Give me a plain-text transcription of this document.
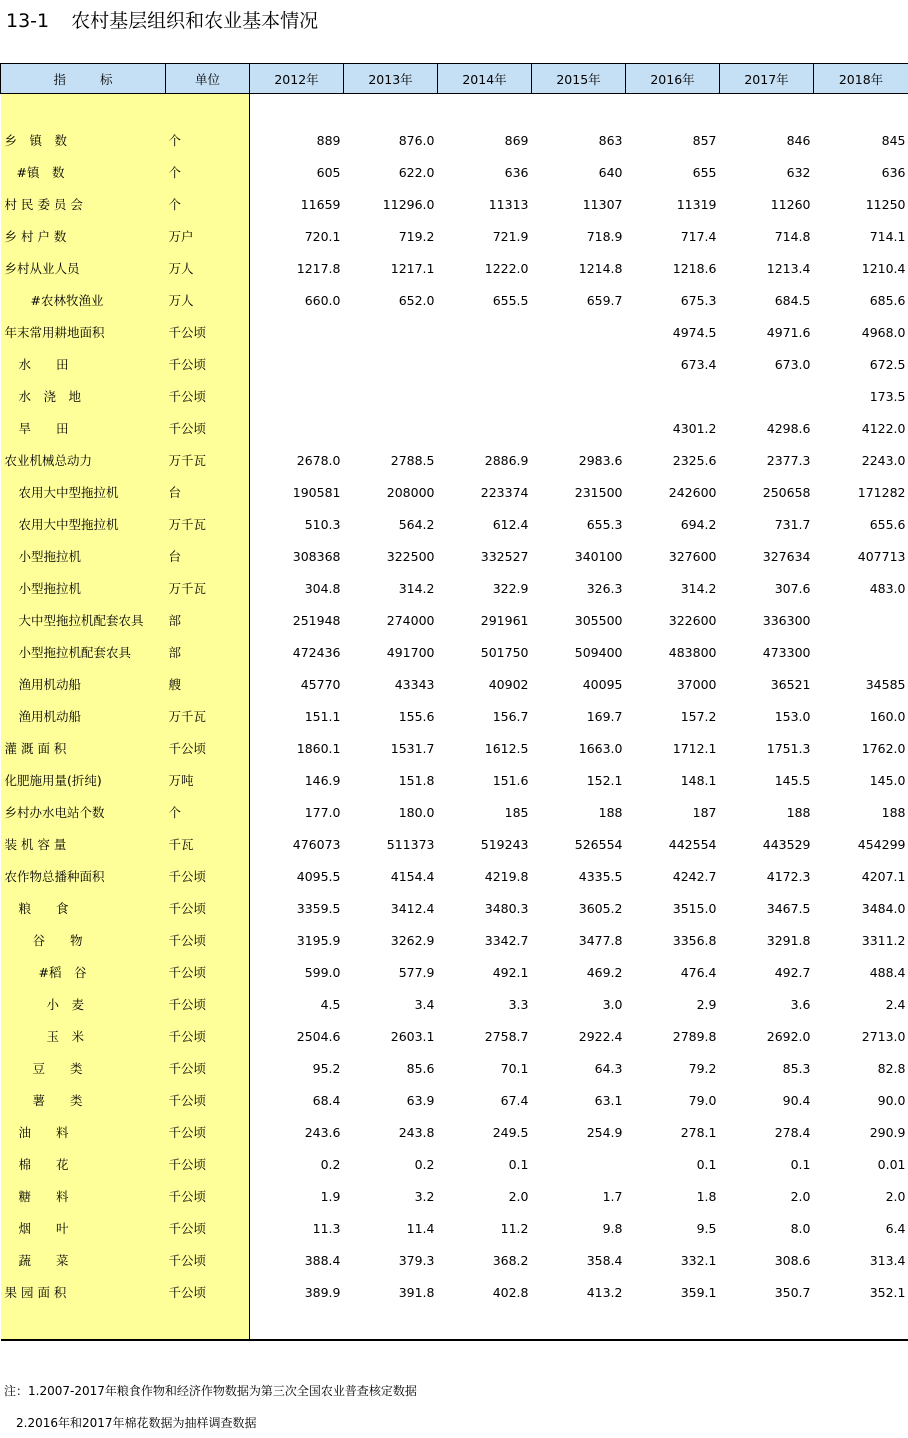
13-1 农村基层组织和农业基本情况
指 标	单位	2012年	2013年	2014年	2015年	2016年	2017年	2018年

乡　镇　数	个	889	876.0	869	863	857	846	845
#镇　数	个	605	622.0	636	640	655	632	636
村 民 委 员 会	个	11659	11296.0	11313	11307	11319	11260	11250
乡 村 户 数	万户	720.1	719.2	721.9	718.9	717.4	714.8	714.1
乡村从业人员	万人	1217.8	1217.1	1222.0	1214.8	1218.6	1213.4	1210.4
#农林牧渔业	万人	660.0	652.0	655.5	659.7	675.3	684.5	685.6
年末常用耕地面积	千公顷					4974.5	4971.6	4968.0
水　　田	千公顷					673.4	673.0	672.5
水　浇　地	千公顷							173.5
旱　　田	千公顷					4301.2	4298.6	4122.0
农业机械总动力	万千瓦	2678.0	2788.5	2886.9	2983.6	2325.6	2377.3	2243.0
农用大中型拖拉机	台	190581	208000	223374	231500	242600	250658	171282
农用大中型拖拉机	万千瓦	510.3	564.2	612.4	655.3	694.2	731.7	655.6
小型拖拉机	台	308368	322500	332527	340100	327600	327634	407713
小型拖拉机	万千瓦	304.8	314.2	322.9	326.3	314.2	307.6	483.0
大中型拖拉机配套农具	部	251948	274000	291961	305500	322600	336300	
小型拖拉机配套农具	部	472436	491700	501750	509400	483800	473300	
渔用机动船	艘	45770	43343	40902	40095	37000	36521	34585
渔用机动船	万千瓦	151.1	155.6	156.7	169.7	157.2	153.0	160.0
灌 溉 面 积	千公顷	1860.1	1531.7	1612.5	1663.0	1712.1	1751.3	1762.0
化肥施用量(折纯)	万吨	146.9	151.8	151.6	152.1	148.1	145.5	145.0
乡村办水电站个数	个	177.0	180.0	185	188	187	188	188
装 机 容 量	千瓦	476073	511373	519243	526554	442554	443529	454299
农作物总播种面积	千公顷	4095.5	4154.4	4219.8	4335.5	4242.7	4172.3	4207.1
粮　　食	千公顷	3359.5	3412.4	3480.3	3605.2	3515.0	3467.5	3484.0
谷　　物	千公顷	3195.9	3262.9	3342.7	3477.8	3356.8	3291.8	3311.2
#稻　谷	千公顷	599.0	577.9	492.1	469.2	476.4	492.7	488.4
小　麦	千公顷	4.5	3.4	3.3	3.0	2.9	3.6	2.4
玉　米	千公顷	2504.6	2603.1	2758.7	2922.4	2789.8	2692.0	2713.0
豆　　类	千公顷	95.2	85.6	70.1	64.3	79.2	85.3	82.8
薯　　类	千公顷	68.4	63.9	67.4	63.1	79.0	90.4	90.0
油　　料	千公顷	243.6	243.8	249.5	254.9	278.1	278.4	290.9
棉　　花	千公顷	0.2	0.2	0.1		0.1	0.1	0.01
糖　　料	千公顷	1.9	3.2	2.0	1.7	1.8	2.0	2.0
烟　　叶	千公顷	11.3	11.4	11.2	9.8	9.5	8.0	6.4
蔬　　菜	千公顷	388.4	379.3	368.2	358.4	332.1	308.6	313.4
果 园 面 积	千公顷	389.9	391.8	402.8	413.2	359.1	350.7	352.1

注：1.2007-2017年粮食作物和经济作物数据为第三次全国农业普查核定数据
2.2016年和2017年棉花数据为抽样调查数据
